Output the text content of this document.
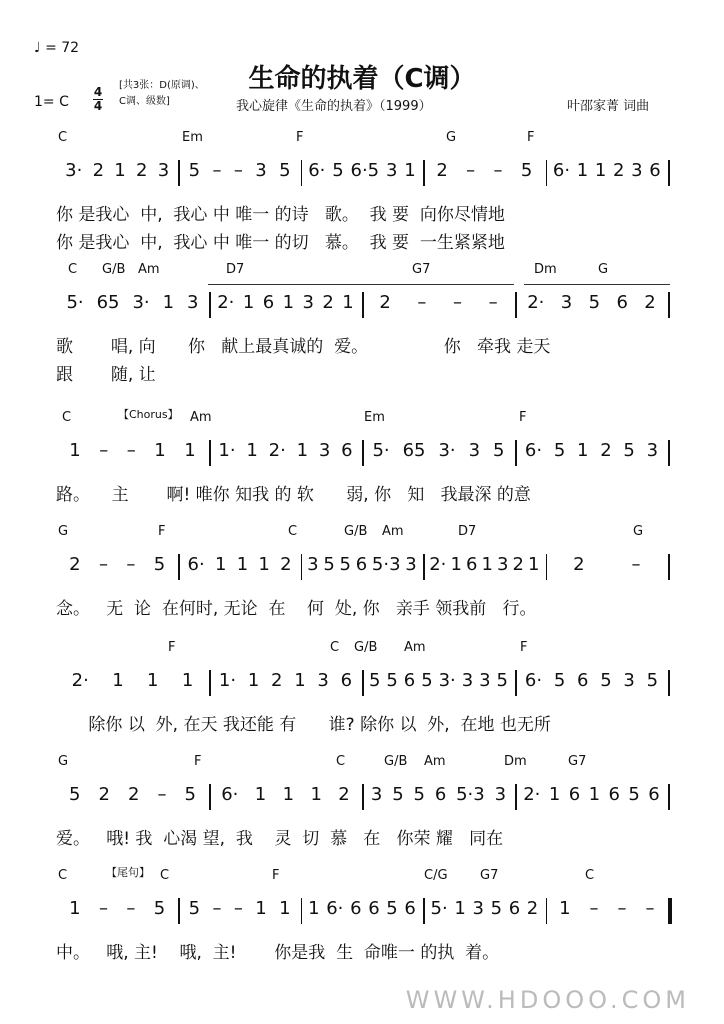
♩ = 72
生命的执着（C调）
1= C
4
4
[共3张：D(原调)、
C调、级数]	我心旋律《生命的执着》（1999）	叶邵家菁 词曲
C	Em	F	G	F
3· 2 1 2 3 5 – – 3 5 6· 5 6·5 3 1 2 – – 5 6· 1 1 2 3 6
你 是我心  中,  我心 中 唯一 的诗   歌。  我 要  向你尽情地
你 是我心  中,  我心 中 唯一 的切   慕。  我 要  一生紧紧地
C G/B Am	D7	G7	Dm	G
5· 65 3· 1 3 2· 1 6 1 3 2 1 2 – – – 2· 3 5 6 2
歌       唱, 向      你   献上最真诚的  爱。              你   牵我 走天
跟       随, 让
C	Am	Em	F
【Chorus】
1 – – 1 1 1· 1 2· 1 3 6 5· 65 3· 3 5 6· 5 1 2 5 3
路。    主       啊! 唯你 知我 的 软      弱, 你   知   我最深 的意
G	F	C	G/B Am	D7	G
2 – – 5 6· 1 1 1 2 3 5 5 6 5·3 3 2· 1 6 1 3 2 1 2	–
念。   无  论  在何时, 无论  在    何  处, 你   亲手 领我前   行。
F	C G/B Am	F
2· 1 1 1 1· 1 2 1 3 6 5 5 6 5 3· 3 3 5 6· 5 6 5 3 5
除你 以  外, 在天 我还能 有      谁? 除你 以  外,  在地 也无所
G	F	C	G/B Am	Dm	G7
5 2 2 – 5 6· 1 1 1 2 3 5 5 6 5·3 3 2· 1 6 1 6 5 6
爱。   哦! 我  心渴 望,  我    灵  切  慕   在   你荣 耀   同在
C	C	F	C/G G7	C
【尾句】
1 – – 5 5 – – 1 1 1 6· 6 6 5 6 5· 1 3 5 6 2 1 – – –
中。   哦, 主!    哦,  主!       你是我  生  命唯一 的执  着。
WWW.HDOOO.COM
